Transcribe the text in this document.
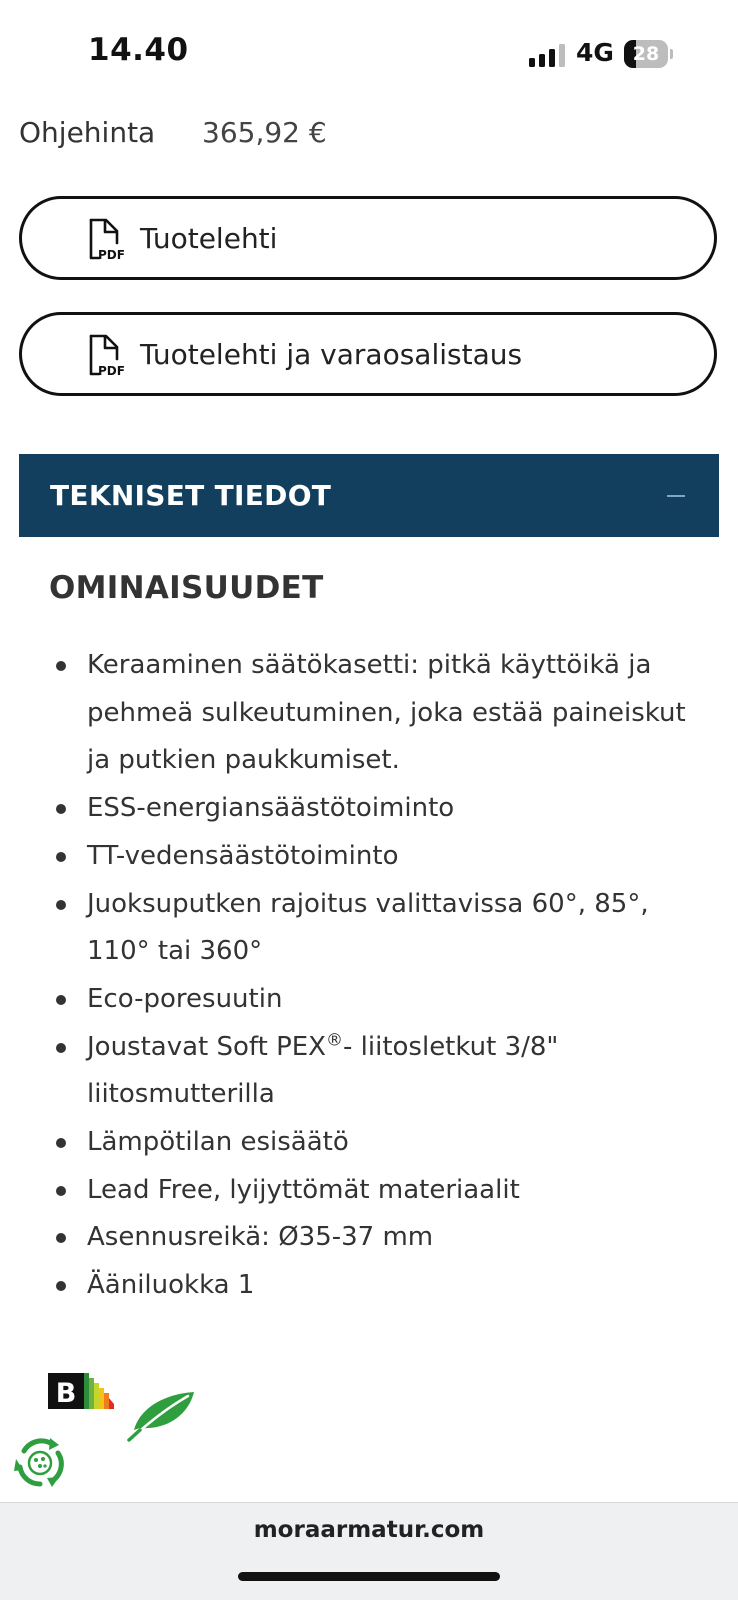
14.40	4G 28
Ohjehinta 365,92 €
PDF Tuotelehti
PDF Tuotelehti ja varaosalistaus
TEKNISET TIEDOT
OMINAISUUDET
Keraaminen säätökasetti: pitkä käyttöikä ja pehmeä sulkeutuminen, joka estää paineiskut ja putkien paukkumiset.
ESS-energiansäästötoiminto
TT-vedensäästötoiminto
Juoksuputken rajoitus valittavissa 60°, 85°, 110° tai 360°
Eco-poresuutin
Joustavat Soft PEX®- liitosletkut 3/8" liitosmutterilla
Lämpötilan esisäätö
Lead Free, lyijyttömät materiaalit
Asennusreikä: Ø35-37 mm
Ääniluokka 1
B
moraarmatur.com
